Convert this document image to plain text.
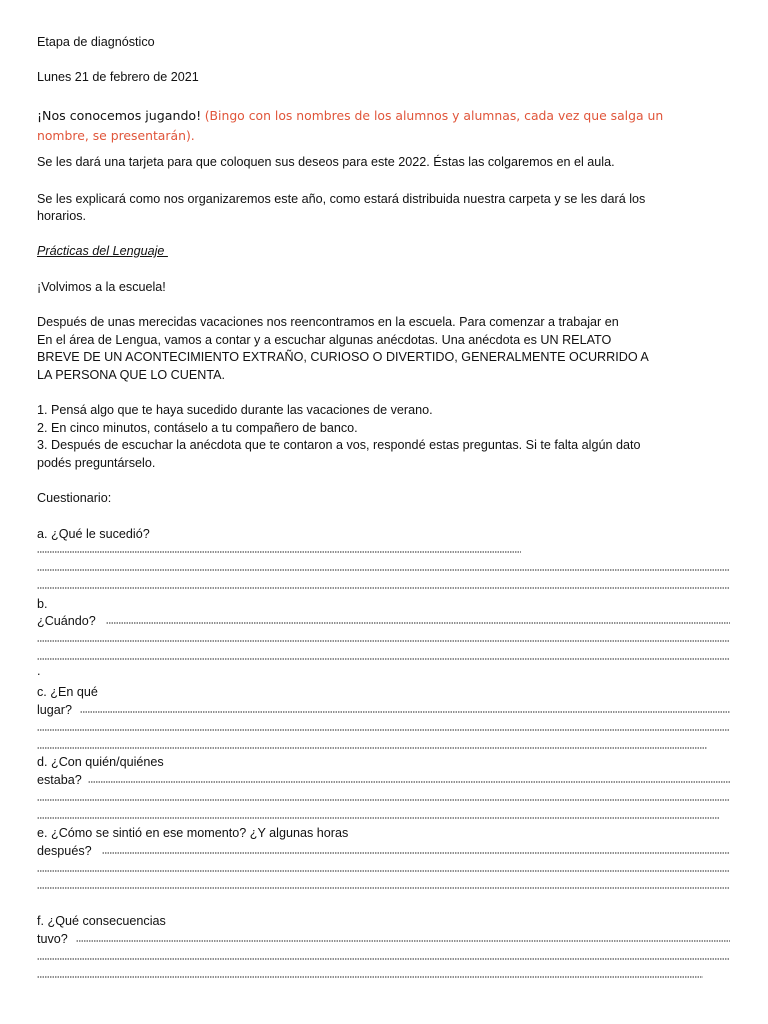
Etapa de diagnóstico
Lunes 21 de febrero de 2021
¡Nos conocemos jugando! (Bingo con los nombres de los alumnos y alumnas, cada vez que salga un
nombre, se presentarán).
Se les dará una tarjeta para que coloquen sus deseos para este 2022. Éstas las colgaremos en el aula.
Se les explicará como nos organizaremos este año, como estará distribuida nuestra carpeta y se les dará los
horarios.
Prácticas del Lenguaje
¡Volvimos a la escuela!
Después de unas merecidas vacaciones nos reencontramos en la escuela. Para comenzar a trabajar en
En el área de Lengua, vamos a contar y a escuchar algunas anécdotas. Una anécdota es UN RELATO
BREVE DE UN ACONTECIMIENTO EXTRAÑO, CURIOSO O DIVERTIDO, GENERALMENTE OCURRIDO A
LA PERSONA QUE LO CUENTA.
1. Pensá algo que te haya sucedido durante las vacaciones de verano.
2. En cinco minutos, contáselo a tu compañero de banco.
3. Después de escuchar la anécdota que te contaron a vos, respondé estas preguntas. Si te falta algún dato
podés preguntárselo.
Cuestionario:
a. ¿Qué le sucedió?
b.
¿Cuándo?
.
c. ¿En qué
lugar?
d. ¿Con quién/quiénes
estaba?
e. ¿Cómo se sintió en ese momento? ¿Y algunas horas
después?
f. ¿Qué consecuencias
tuvo?
